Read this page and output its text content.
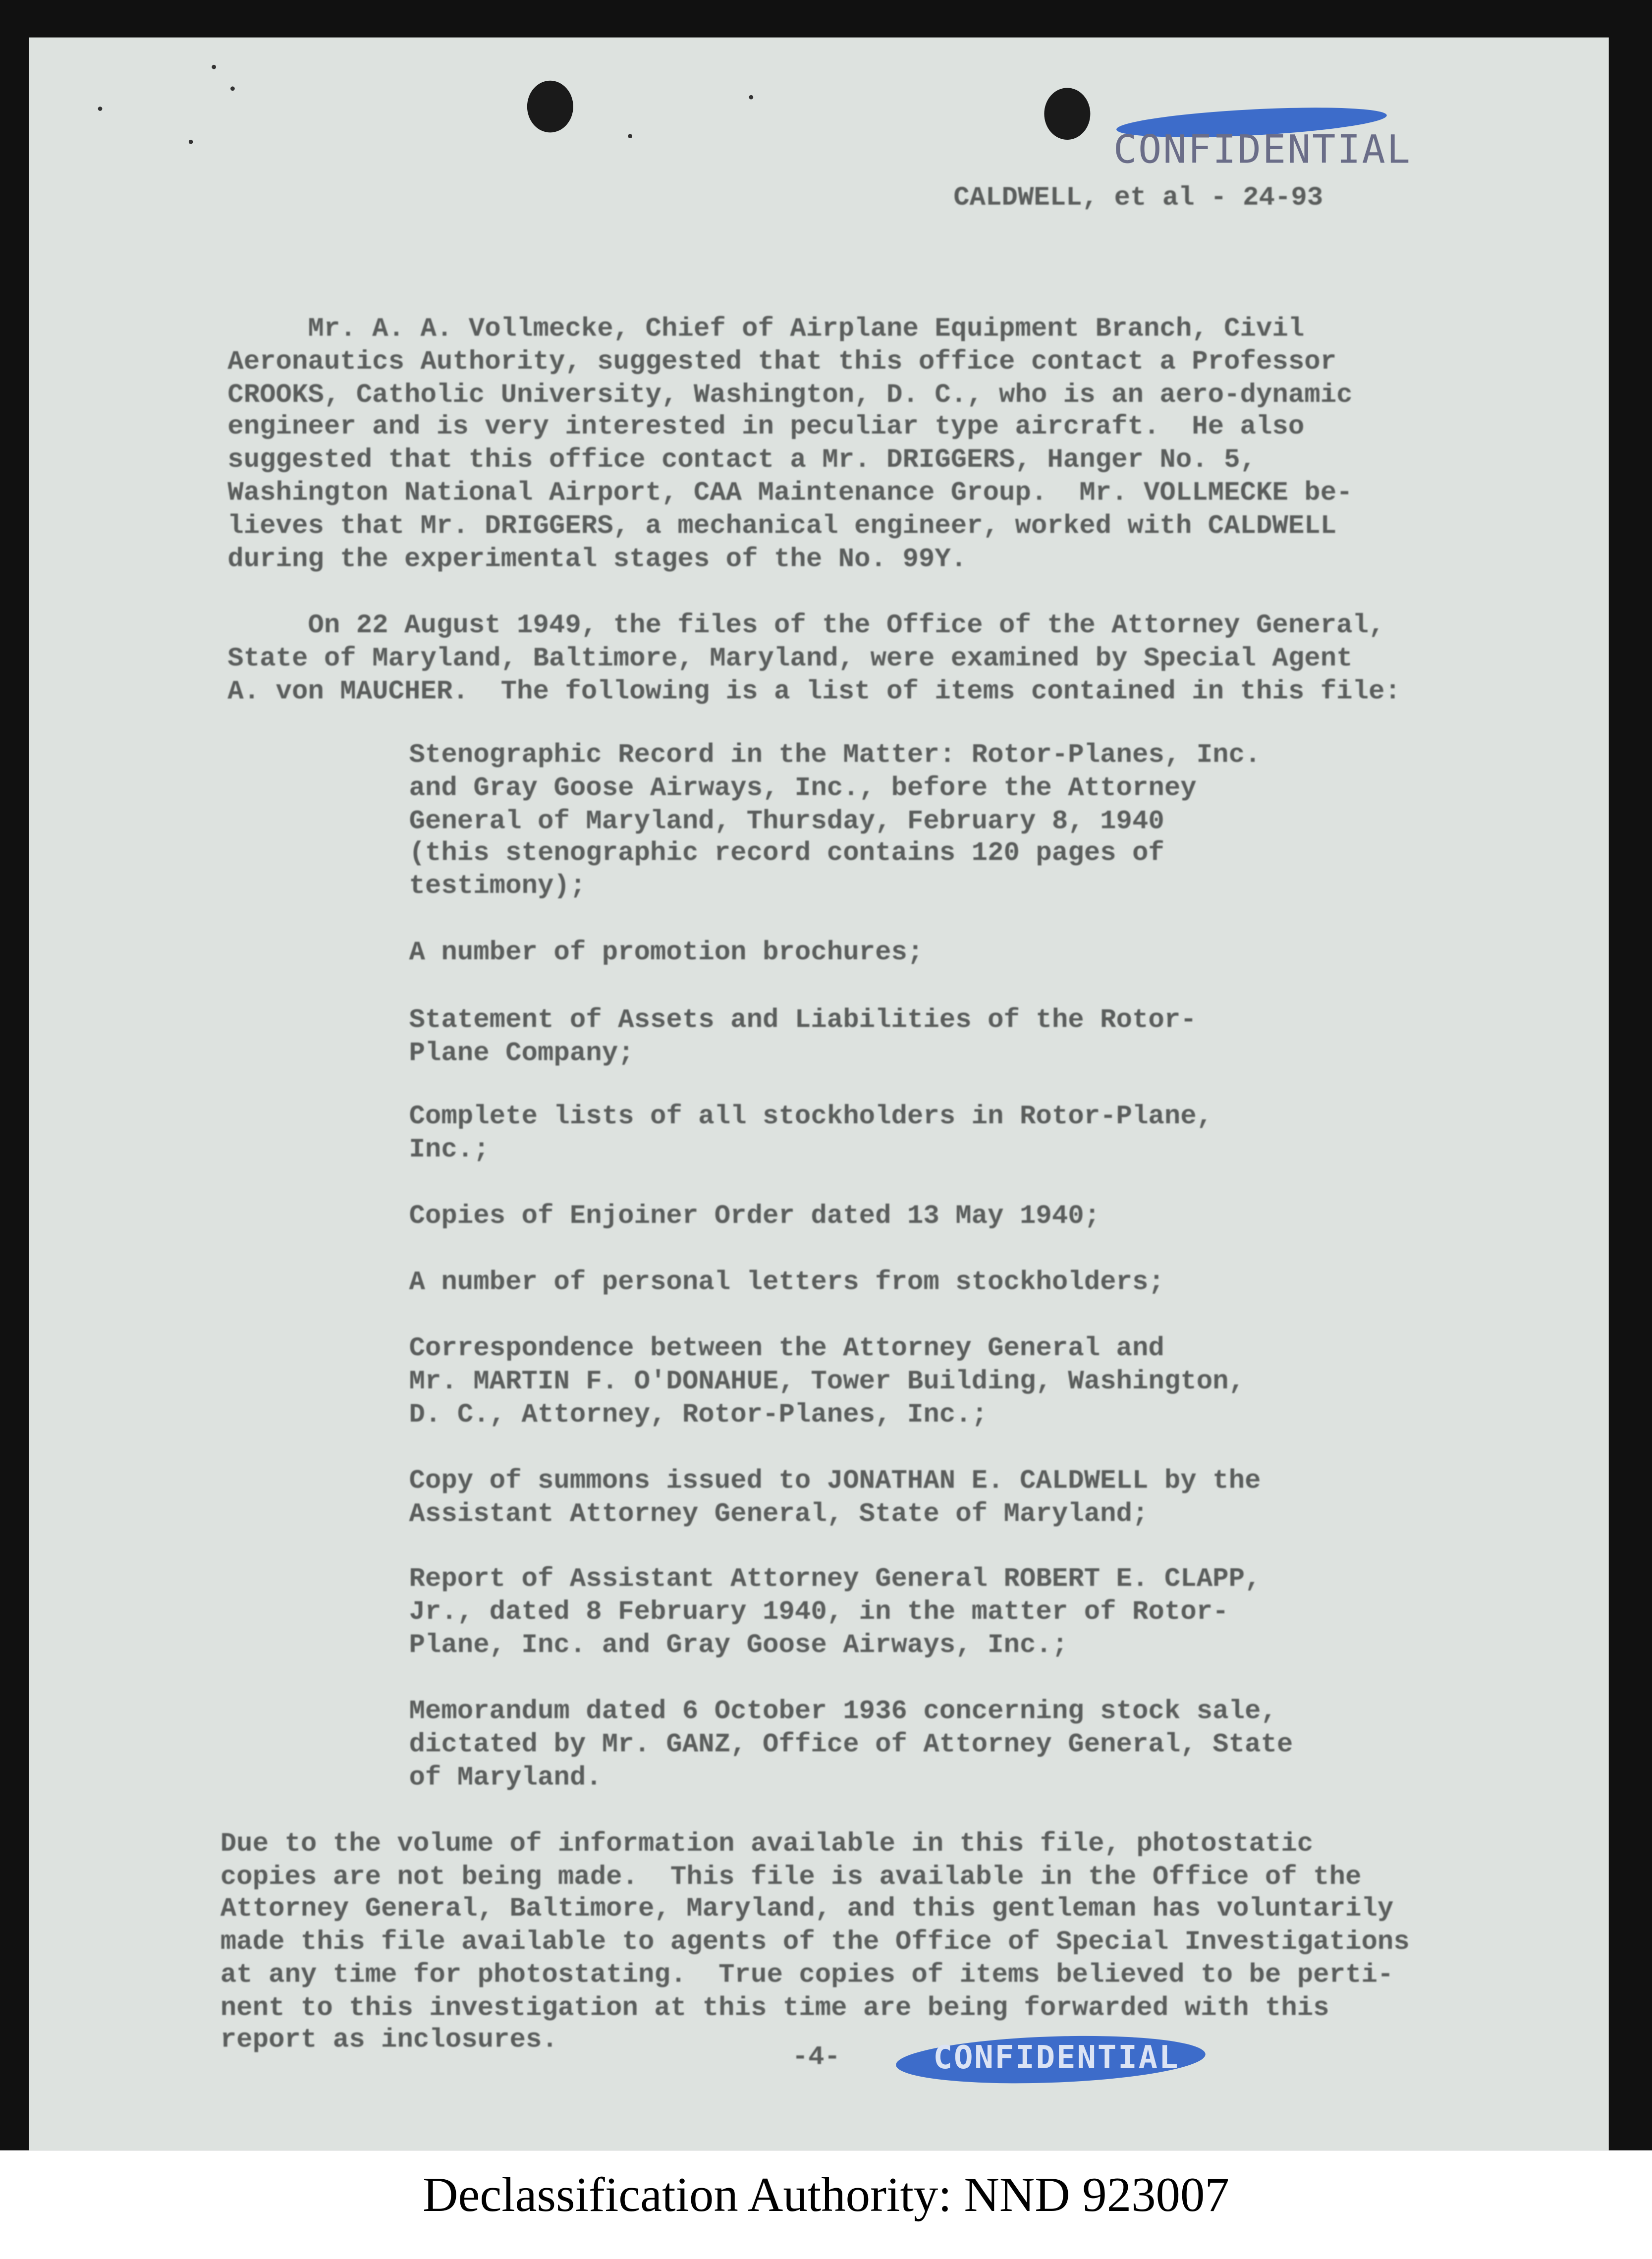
CONFIDENTIAL
CALDWELL, et al - 24-93
Mr. A. A. Vollmecke, Chief of Airplane Equipment Branch, Civil
Aeronautics Authority, suggested that this office contact a Professor
CROOKS, Catholic University, Washington, D. C., who is an aero-dynamic
engineer and is very interested in peculiar type aircraft.  He also
suggested that this office contact a Mr. DRIGGERS, Hanger No. 5,
Washington National Airport, CAA Maintenance Group.  Mr. VOLLMECKE be-
lieves that Mr. DRIGGERS, a mechanical engineer, worked with CALDWELL
during the experimental stages of the No. 99Y.
On 22 August 1949, the files of the Office of the Attorney General,
State of Maryland, Baltimore, Maryland, were examined by Special Agent
A. von MAUCHER.  The following is a list of items contained in this file:
Stenographic Record in the Matter: Rotor-Planes, Inc.
and Gray Goose Airways, Inc., before the Attorney
General of Maryland, Thursday, February 8, 1940
(this stenographic record contains 120 pages of
testimony);
A number of promotion brochures;
Statement of Assets and Liabilities of the Rotor-
Plane Company;
Complete lists of all stockholders in Rotor-Plane,
Inc.;
Copies of Enjoiner Order dated 13 May 1940;
A number of personal letters from stockholders;
Correspondence between the Attorney General and
Mr. MARTIN F. O'DONAHUE, Tower Building, Washington,
D. C., Attorney, Rotor-Planes, Inc.;
Copy of summons issued to JONATHAN E. CALDWELL by the
Assistant Attorney General, State of Maryland;
Report of Assistant Attorney General ROBERT E. CLAPP,
Jr., dated 8 February 1940, in the matter of Rotor-
Plane, Inc. and Gray Goose Airways, Inc.;
Memorandum dated 6 October 1936 concerning stock sale,
dictated by Mr. GANZ, Office of Attorney General, State
of Maryland.
Due to the volume of information available in this file, photostatic
copies are not being made.  This file is available in the Office of the
Attorney General, Baltimore, Maryland, and this gentleman has voluntarily
made this file available to agents of the Office of Special Investigations
at any time for photostating.  True copies of items believed to be perti-
nent to this investigation at this time are being forwarded with this
report as inclosures.
-4-	CONFIDENTIAL
Declassification Authority: NND 923007
